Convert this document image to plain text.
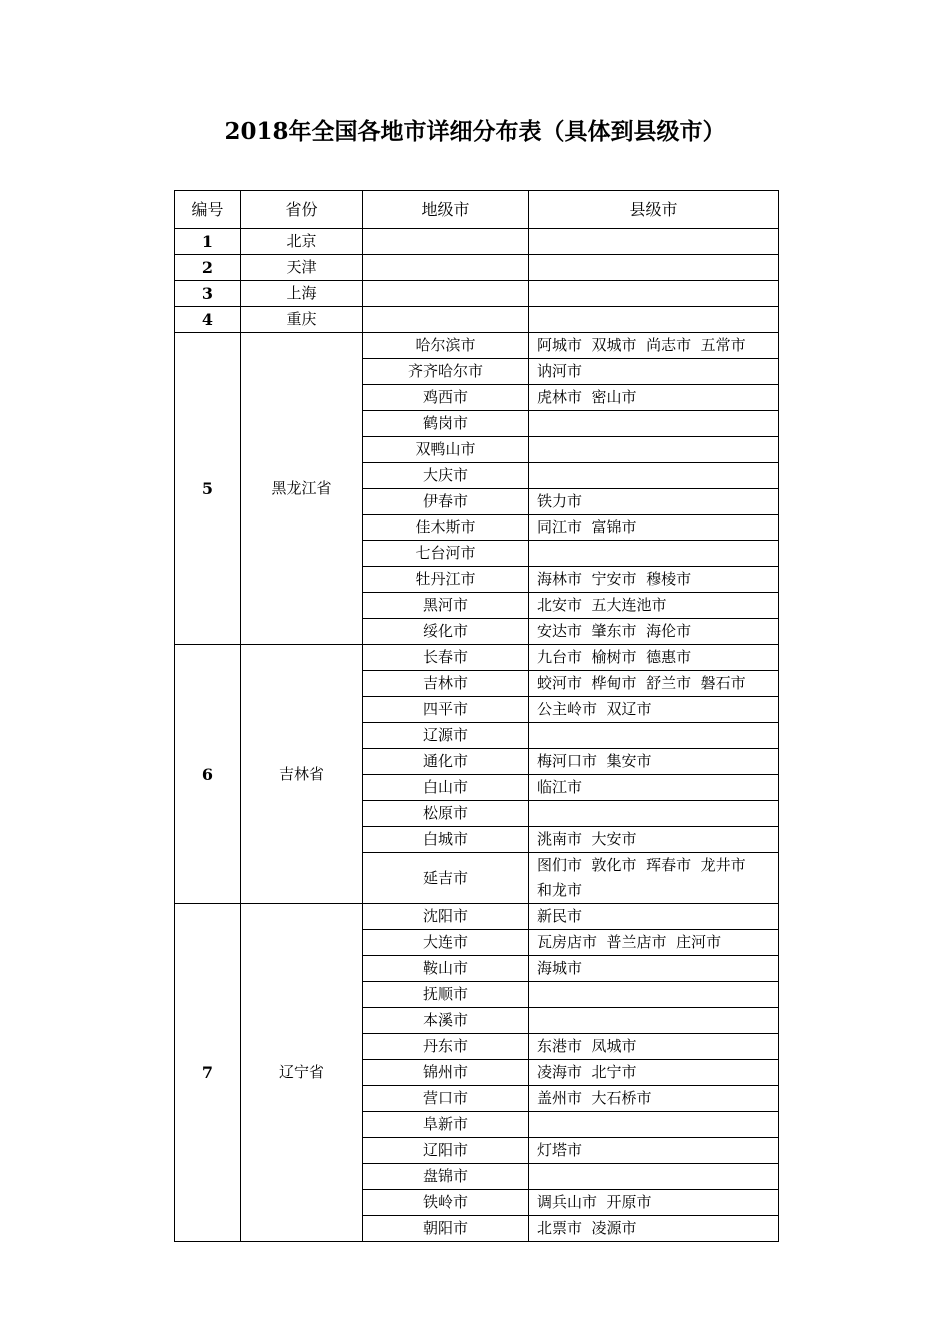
2018年全国各地市详细分布表（具体到县级市）
编号	省份	地级市	县级市
1	北京		
2	天津		
3	上海		
4	重庆		
5	黑龙江省	哈尔滨市	阿城市  双城市  尚志市  五常市
		齐齐哈尔市	讷河市
		鸡西市	虎林市  密山市
		鹤岗市	
		双鸭山市	
		大庆市	
		伊春市	铁力市
		佳木斯市	同江市  富锦市
		七台河市	
		牡丹江市	海林市  宁安市  穆棱市
		黑河市	北安市  五大连池市
		绥化市	安达市  肇东市  海伦市
6	吉林省	长春市	九台市  榆树市  德惠市
		吉林市	蛟河市  桦甸市  舒兰市  磐石市
		四平市	公主岭市  双辽市
		辽源市	
		通化市	梅河口市  集安市
		白山市	临江市
		松原市	
		白城市	洮南市  大安市
		延吉市	图们市  敦化市  珲春市  龙井市
和龙市
7	辽宁省	沈阳市	新民市
		大连市	瓦房店市  普兰店市  庄河市
		鞍山市	海城市
		抚顺市	
		本溪市	
		丹东市	东港市  凤城市
		锦州市	凌海市  北宁市
		营口市	盖州市  大石桥市
		阜新市	
		辽阳市	灯塔市
		盘锦市	
		铁岭市	调兵山市  开原市
		朝阳市	北票市  凌源市
